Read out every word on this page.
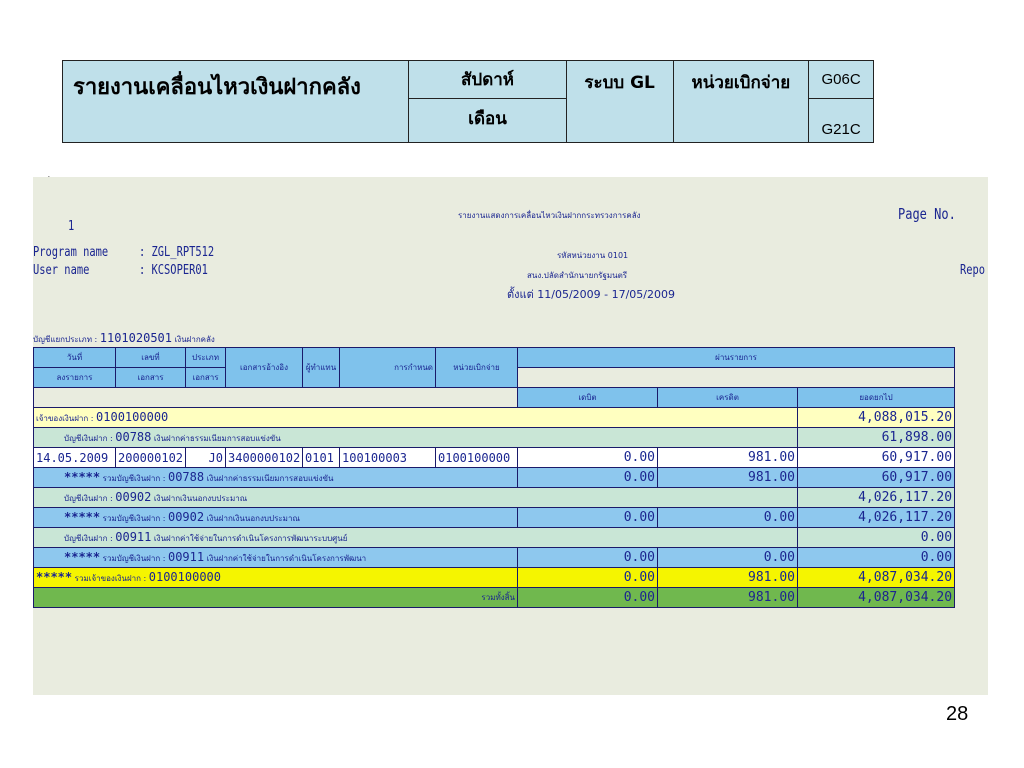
รายงานเคลื่อนไหวเงินฝากคลัง	สัปดาห์	ระบบ GL	หน่วยเบิกจ่าย	G06C
	เดือน			G21C
1
Page No.
Program name : ZGL_RPT512
User name	: KCSOPER01
รายงานแสดงการเคลื่อนไหวเงินฝากกระทรวงการคลัง
รหัสหน่วยงาน 0101
สนง.ปลัดสำนักนายกรัฐมนตรี
ตั้งแต่ 11/05/2009 - 17/05/2009
Repo
บัญชีแยกประเภท : 1101020501 เงินฝากคลัง
วันที่	เลขที่	ประเภท	เอกสารอ้างอิง	ผู้ทำแทน	การกำหนด	หน่วยเบิกจ่าย	ผ่านรายการ		
ลงรายการ	เอกสาร	เอกสาร							
							เดบิต	เครดิต	ยอดยกไป
เจ้าของเงินฝาก : 0100100000									4,088,015.20
บัญชีเงินฝาก : 00788 เงินฝากค่าธรรมเนียมการสอบแข่งขัน									61,898.00
14.05.2009	200000102	J0	3400000102	0101	100100003	0100100000	0.00	981.00	60,917.00
***** รวมบัญชีเงินฝาก : 00788 เงินฝากค่าธรรมเนียมการสอบแข่งขัน							0.00	981.00	60,917.00
บัญชีเงินฝาก : 00902 เงินฝากเงินนอกงบประมาณ									4,026,117.20
***** รวมบัญชีเงินฝาก : 00902 เงินฝากเงินนอกงบประมาณ							0.00	0.00	4,026,117.20
บัญชีเงินฝาก : 00911 เงินฝากค่าใช้จ่ายในการดำเนินโครงการพัฒนาระบบศูนย์									0.00
***** รวมบัญชีเงินฝาก : 00911 เงินฝากค่าใช้จ่ายในการดำเนินโครงการพัฒนา							0.00	0.00	0.00
***** รวมเจ้าของเงินฝาก : 0100100000							0.00	981.00	4,087,034.20
รวมทั้งสิ้น							0.00	981.00	4,087,034.20
28
